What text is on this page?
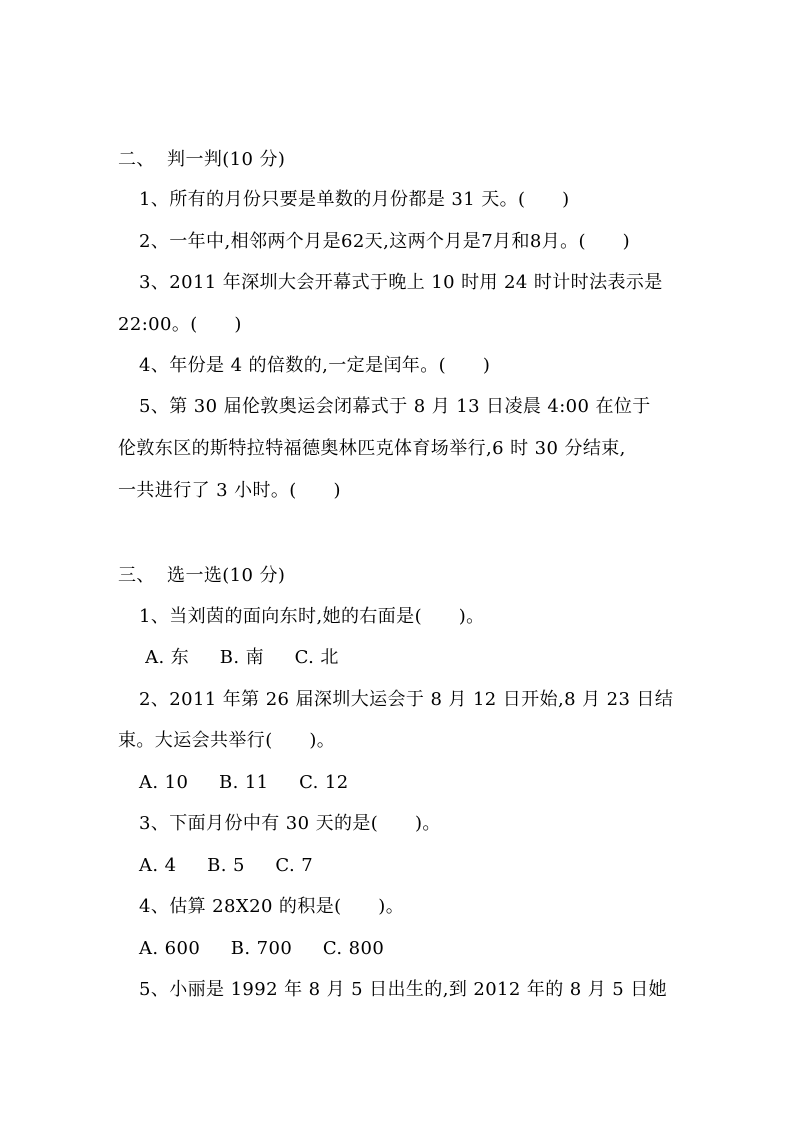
二、  判一判(10 分)
1、所有的月份只要是单数的月份都是 31 天。(      )
2、一年中,相邻两个月是62天,这两个月是7月和8月。(      )
3、2011 年深圳大会开幕式于晚上 10 时用 24 时计时法表示是
22:00。(      )
4、年份是 4 的倍数的,一定是闰年。(      )
5、第 30 届伦敦奥运会闭幕式于 8 月 13 日凌晨 4:00 在位于
伦敦东区的斯特拉特福德奥林匹克体育场举行,6 时 30 分结束,
一共进行了 3 小时。(      )
三、  选一选(10 分)
1、当刘茵的面向东时,她的右面是(      )。
A. 东     B. 南     C. 北
2、2011 年第 26 届深圳大运会于 8 月 12 日开始,8 月 23 日结
束。大运会共举行(      )。
A. 10     B. 11     C. 12
3、下面月份中有 30 天的是(      )。
A. 4     B. 5     C. 7
4、估算 28X20 的积是(      )。
A. 600     B. 700     C. 800
5、小丽是 1992 年 8 月 5 日出生的,到 2012 年的 8 月 5 日她
